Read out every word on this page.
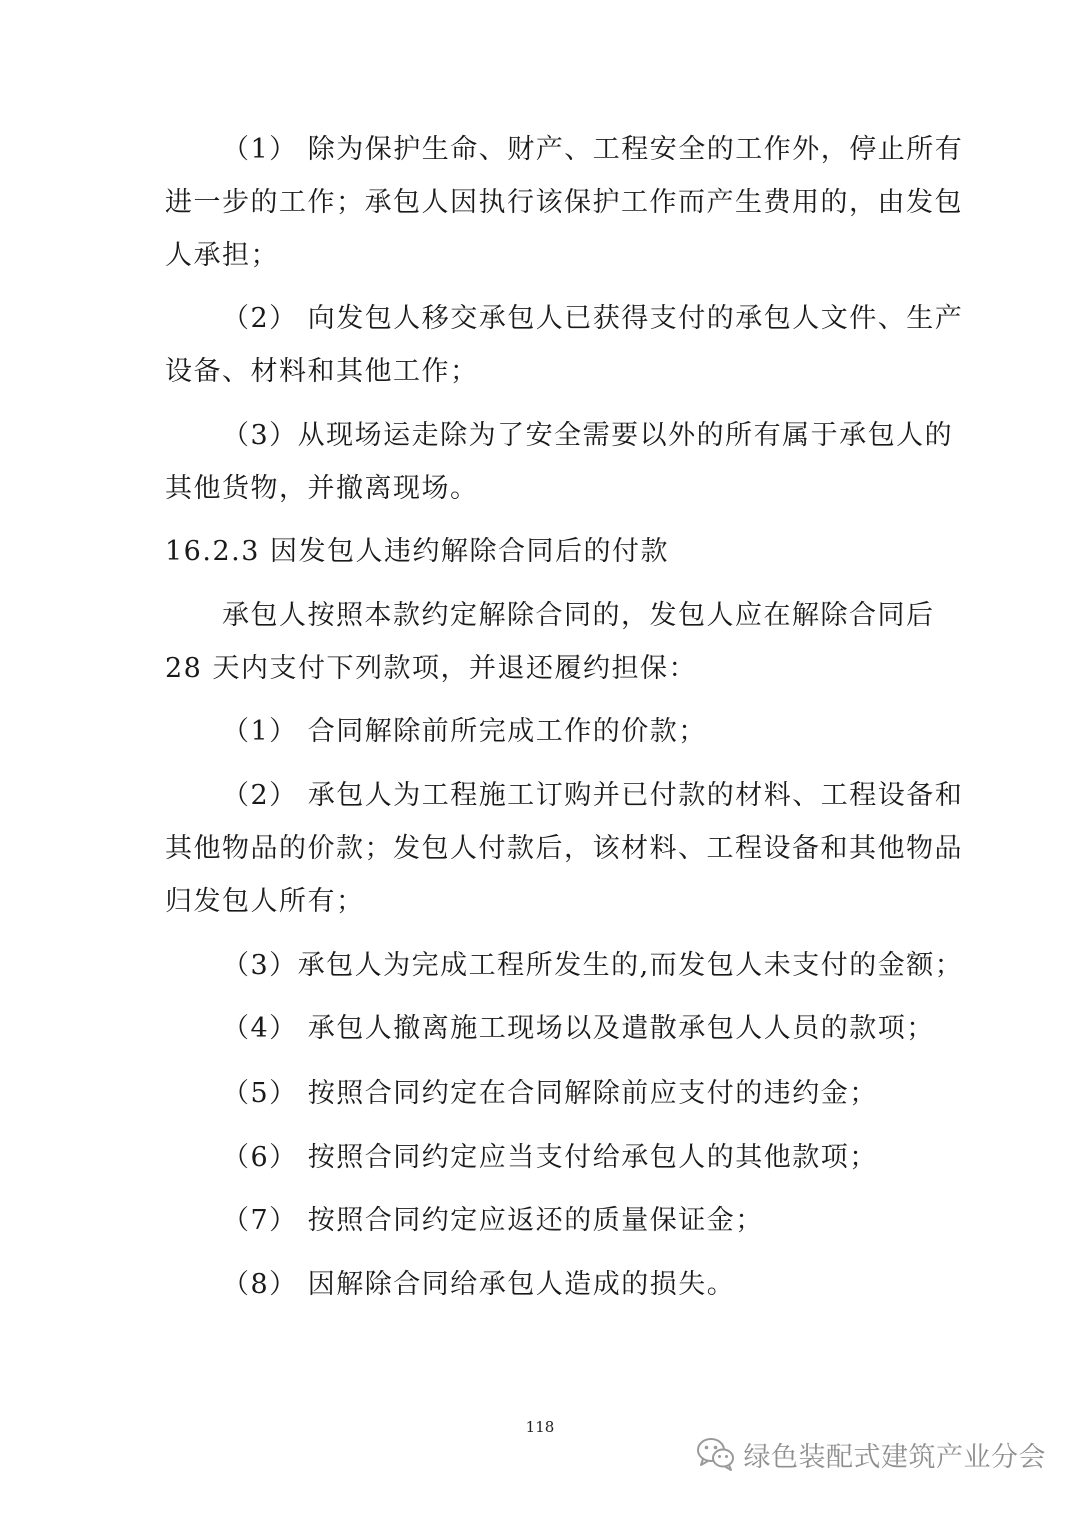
（1） 除为保护生命、财产、工程安全的工作外，停止所有
进一步的工作；承包人因执行该保护工作而产生费用的，由发包
人承担；
（2） 向发包人移交承包人已获得支付的承包人文件、生产
设备、材料和其他工作；
（3）从现场运走除为了安全需要以外的所有属于承包人的
其他货物，并撤离现场。
16.2.3 因发包人违约解除合同后的付款
承包人按照本款约定解除合同的，发包人应在解除合同后
28 天内支付下列款项，并退还履约担保：
（1） 合同解除前所完成工作的价款；
（2） 承包人为工程施工订购并已付款的材料、工程设备和
其他物品的价款；发包人付款后，该材料、工程设备和其他物品
归发包人所有；
（3）承包人为完成工程所发生的,而发包人未支付的金额；
（4） 承包人撤离施工现场以及遣散承包人人员的款项；
（5） 按照合同约定在合同解除前应支付的违约金；
（6） 按照合同约定应当支付给承包人的其他款项；
（7） 按照合同约定应返还的质量保证金；
（8） 因解除合同给承包人造成的损失。
118
绿色装配式建筑产业分会
